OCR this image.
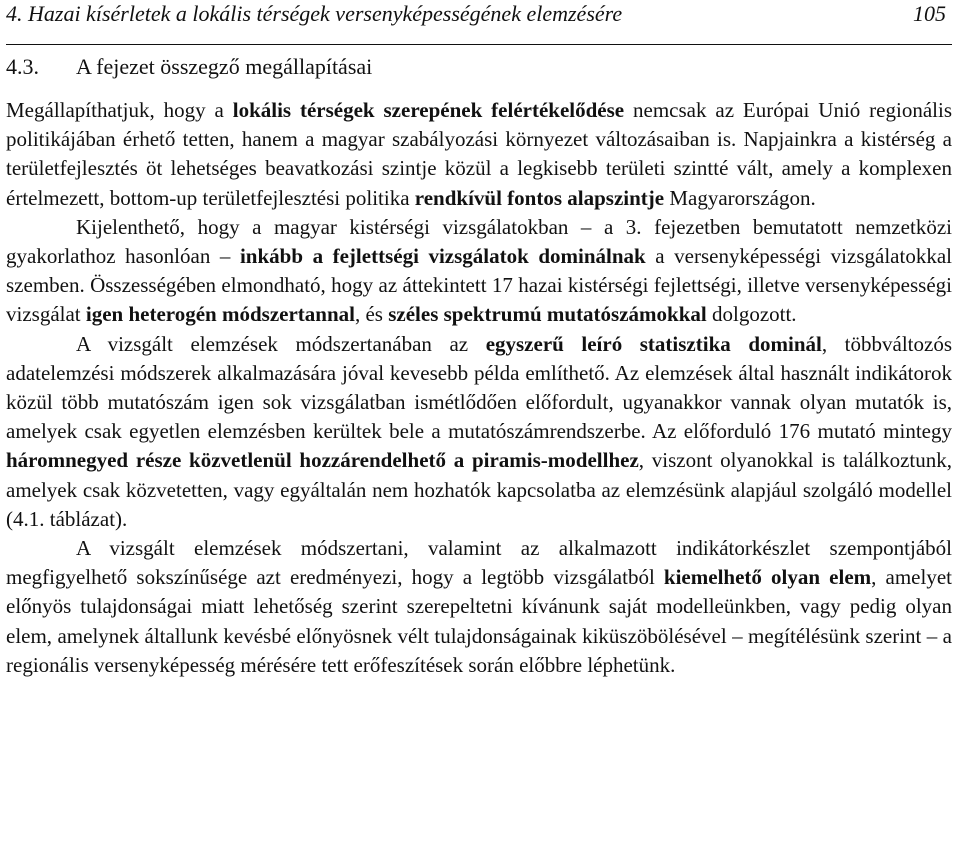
4. Hazai kísérletek a lokális térségek versenyképességének elemzésére	105
4.3.	A fejezet összegző megállapításai

Megállapíthatjuk, hogy a lokális térségek szerepének felértékelődése nemcsak az Európai Unió regionális politikájában érhető tetten, hanem a magyar szabályozási környezet változásaiban is. Napjainkra a kistérség a területfejlesztés öt lehetséges beavatkozási szintje közül a legkisebb területi szintté vált, amely a komplexen értelmezett, bottom-up területfejlesztési politika rendkívül fontos alapszintje Magyarországon.

Kijelenthető, hogy a magyar kistérségi vizsgálatokban – a 3. fejezetben bemutatott nemzetközi gyakorlathoz hasonlóan – inkább a fejlettségi vizsgálatok dominálnak a versenyképességi vizsgálatokkal szemben. Összességében elmondható, hogy az áttekintett 17 hazai kistérségi fejlettségi, illetve versenyképességi vizsgálat igen heterogén módszertannal, és széles spektrumú mutatószámokkal dolgozott.

A vizsgált elemzések módszertanában az egyszerű leíró statisztika dominál, többváltozós adatelemzési módszerek alkalmazására jóval kevesebb példa említhető. Az elemzések által használt indikátorok közül több mutatószám igen sok vizsgálatban ismétlődően előfordult, ugyanakkor vannak olyan mutatók is, amelyek csak egyetlen elemzésben kerültek bele a mutatószámrendszerbe. Az előforduló 176 mutató mintegy háromnegyed része közvetlenül hozzárendelhető a piramis-modellhez, viszont olyanokkal is találkoztunk, amelyek csak közvetetten, vagy egyáltalán nem hozhatók kapcsolatba az elemzésünk alapjául szolgáló modellel (4.1. táblázat).

A vizsgált elemzések módszertani, valamint az alkalmazott indikátorkészlet szempontjából megfigyelhető sokszínűsége azt eredményezi, hogy a legtöbb vizsgálatból kiemelhető olyan elem, amelyet előnyös tulajdonságai miatt lehetőség szerint szerepeltetni kívánunk saját modelleünkben, vagy pedig olyan elem, amelynek általlunk kevésbé előnyösnek vélt tulajdonságainak kiküszöbölésével – megítélésünk szerint – a regionális versenyképesség mérésére tett erőfeszítések során előbbre léphetünk.
